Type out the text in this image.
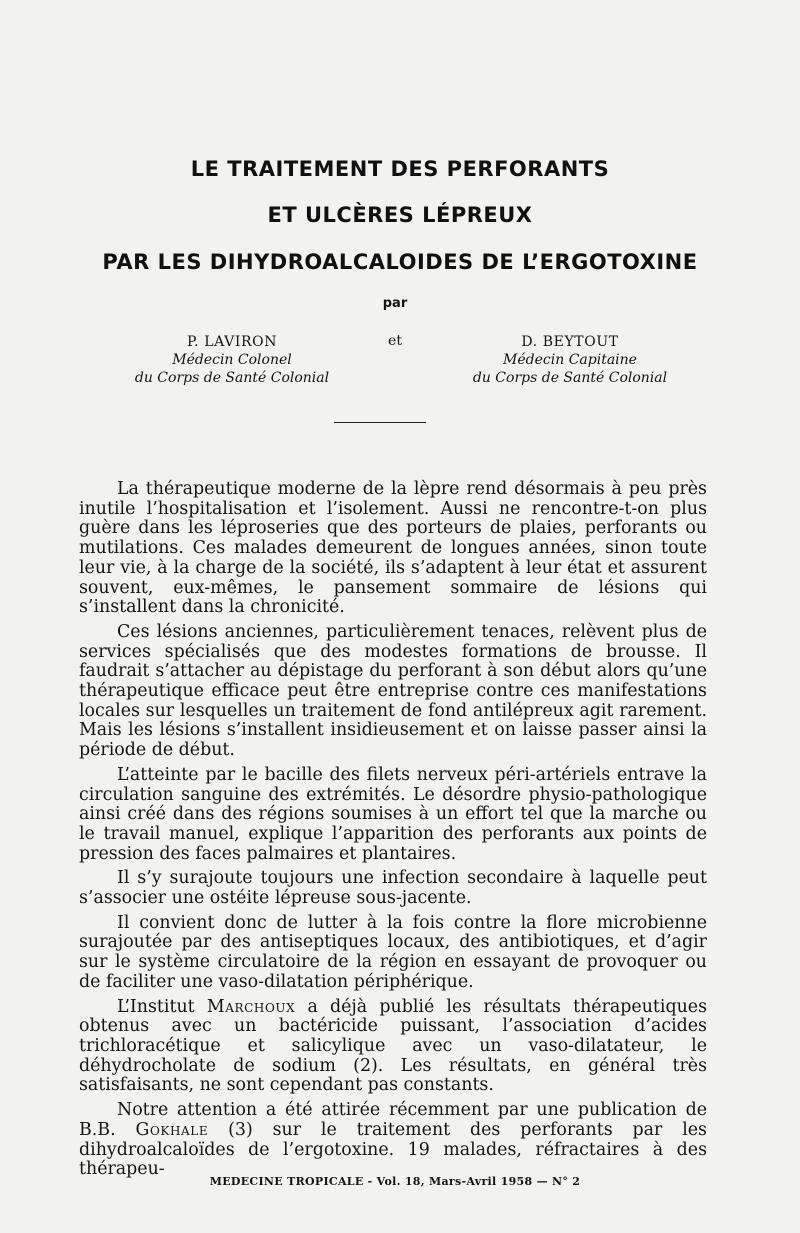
LE TRAITEMENT DES PERFORANTS
ET ULCÈRES LÉPREUX
PAR LES DIHYDROALCALOIDES DE L’ERGOTOXINE
par
P. LAVIRON
Médecin Colonel
du Corps de Santé Colonial
et	D. BEYTOUT
Médecin Capitaine
du Corps de Santé Colonial

La thérapeutique moderne de la lèpre rend désormais à peu près inutile l’hospitalisation et l’isolement. Aussi ne rencontre-t-on plus guère dans les léproseries que des porteurs de plaies, perforants ou mutilations. Ces malades demeurent de longues années, sinon toute leur vie, à la charge de la société, ils s’adaptent à leur état et assurent souvent, eux-mêmes, le pansement sommaire de lésions qui s’installent dans la chronicité.

Ces lésions anciennes, particulièrement tenaces, relèvent plus de services spécialisés que des modestes formations de brousse. Il faudrait s’attacher au dépistage du perforant à son début alors qu’une thérapeutique efficace peut être entreprise contre ces manifestations locales sur lesquelles un traitement de fond antilépreux agit rarement. Mais les lésions s’installent insidieusement et on laisse passer ainsi la période de début.

L’atteinte par le bacille des filets nerveux péri-artériels entrave la circulation sanguine des extrémités. Le désordre physio-pathologique ainsi créé dans des régions soumises à un effort tel que la marche ou le travail manuel, explique l’apparition des perforants aux points de pression des faces palmaires et plantaires.

Il s’y surajoute toujours une infection secondaire à laquelle peut s’associer une ostéite lépreuse sous-jacente.

Il convient donc de lutter à la fois contre la flore microbienne surajoutée par des antiseptiques locaux, des antibiotiques, et d’agir sur le système circulatoire de la région en essayant de provoquer ou de faciliter une vaso-dilatation périphérique.

L’Institut Marchoux a déjà publié les résultats thérapeutiques obtenus avec un bactéricide puissant, l’association d’acides trichloracétique et salicylique avec un vaso-dilatateur, le déhydrocholate de sodium (2). Les résultats, en général très satisfaisants, ne sont cependant pas constants.

Notre attention a été attirée récemment par une publication de B.B. Gokhale (3) sur le traitement des perforants par les dihydroalcaloïdes de l’ergotoxine. 19 malades, réfractaires à des thérapeu-

MEDECINE TROPICALE - Vol. 18, Mars-Avril 1958 — N° 2
